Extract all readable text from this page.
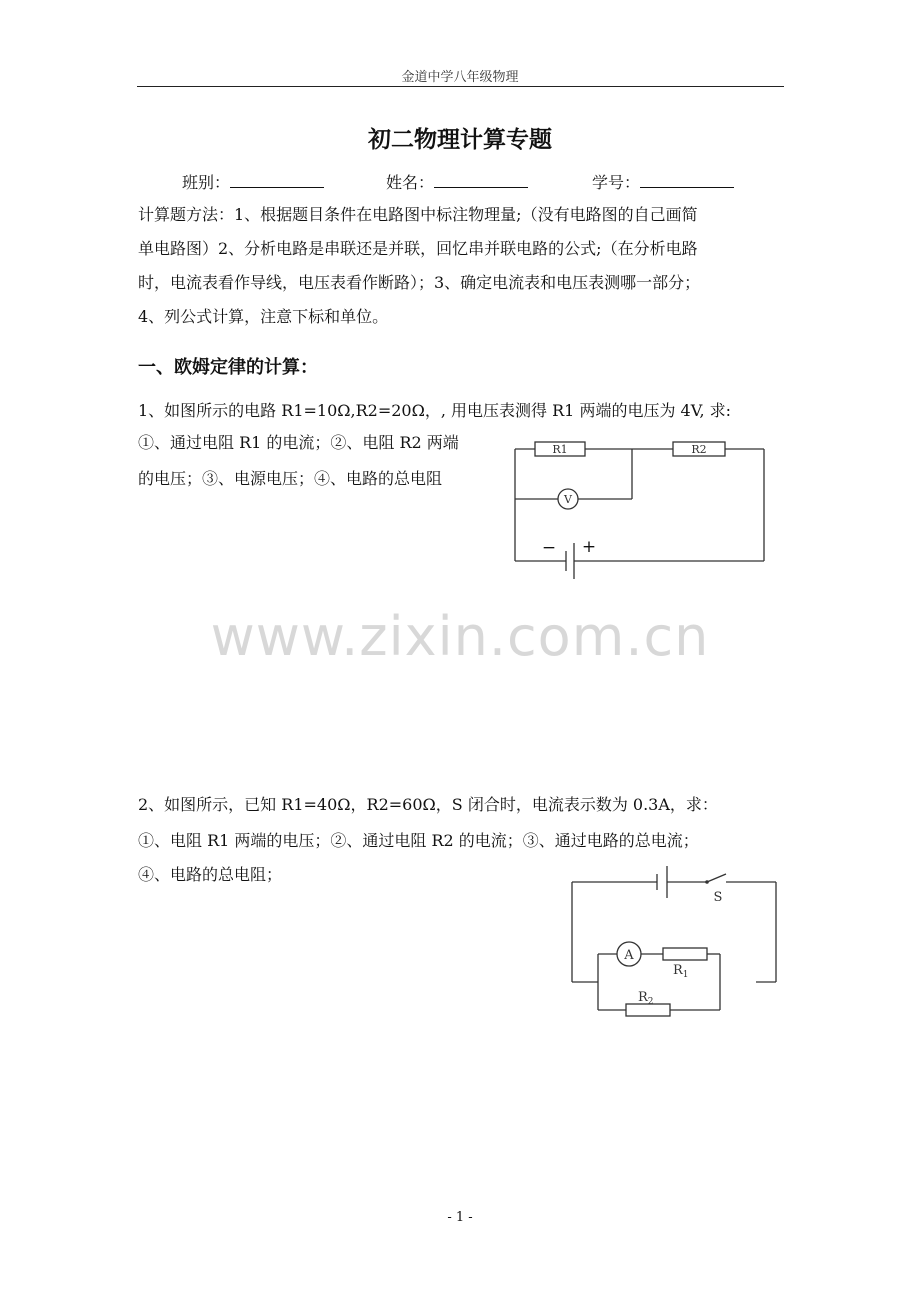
金道中学八年级物理
初二物理计算专题
班别：	姓名：	学号：
计算题方法：1、根据题目条件在电路图中标注物理量;（没有电路图的自己画简
单电路图）2、分析电路是串联还是并联，回忆串并联电路的公式;（在分析电路
时，电流表看作导线，电压表看作断路）；3、确定电流表和电压表测哪一部分；
4、列公式计算，注意下标和单位。
一、欧姆定律的计算：
1、如图所示的电路 R1=10Ω,R2=20Ω，, 用电压表测得 R1 两端的电压为 4V, 求:
①、通过电阻 R1 的电流；②、电阻 R2 两端
的电压；③、电源电压；④、电路的总电阻
R1	R2
V
− +
www.zixin.com.cn
2、如图所示，已知 R1=40Ω，R2=60Ω，S 闭合时，电流表示数为 0.3A，求：
①、电阻 R1 两端的电压；②、通过电阻 R2 的电流；③、通过电路的总电流；
④、电路的总电阻；
S
A
$R_1$
$R_2$
- 1 -
